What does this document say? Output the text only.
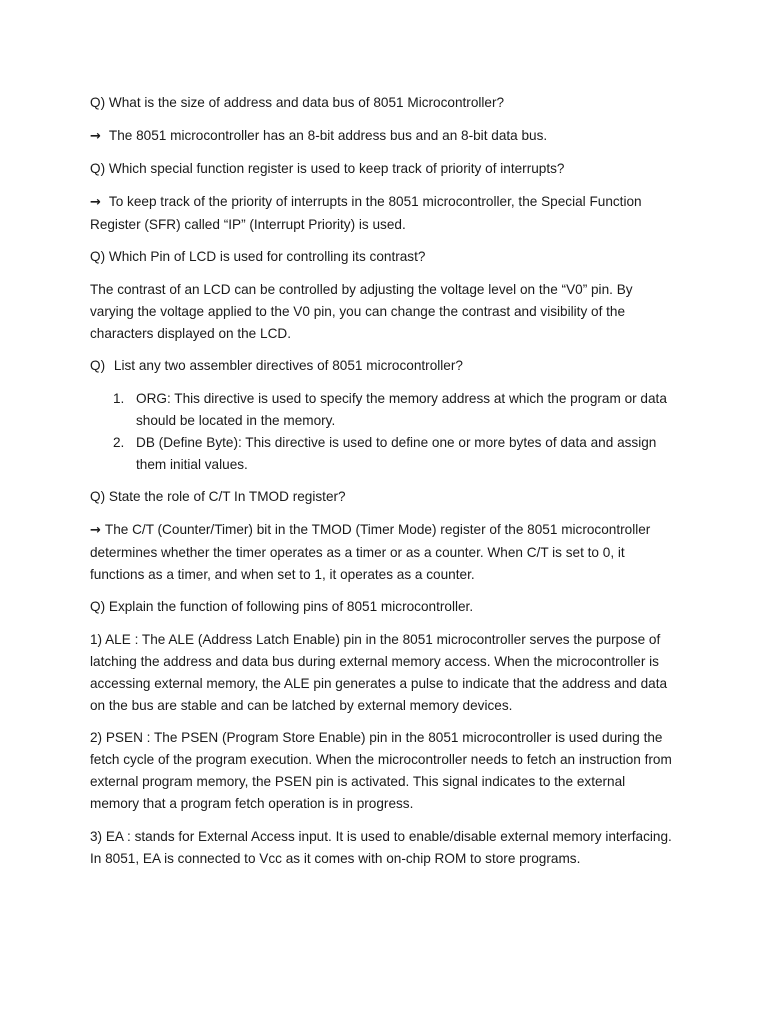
Q) What is the size of address and data bus of 8051 Microcontroller?

→ The 8051 microcontroller has an 8-bit address bus and an 8-bit data bus.

Q) Which special function register is used to keep track of priority of interrupts?

→ To keep track of the priority of interrupts in the 8051 microcontroller, the Special Function Register (SFR) called “IP” (Interrupt Priority) is used.

Q) Which Pin of LCD is used for controlling its contrast?

The contrast of an LCD can be controlled by adjusting the voltage level on the “V0” pin. By varying the voltage applied to the V0 pin, you can change the contrast and visibility of the characters displayed on the LCD.

Q) List any two assembler directives of 8051 microcontroller?

1. ORG: This directive is used to specify the memory address at which the program or data should be located in the memory.
2. DB (Define Byte): This directive is used to define one or more bytes of data and assign them initial values.

Q) State the role of C/T In TMOD register?

→ The C/T (Counter/Timer) bit in the TMOD (Timer Mode) register of the 8051 microcontroller determines whether the timer operates as a timer or as a counter. When C/T is set to 0, it functions as a timer, and when set to 1, it operates as a counter.

Q) Explain the function of following pins of 8051 microcontroller.

1) ALE : The ALE (Address Latch Enable) pin in the 8051 microcontroller serves the purpose of latching the address and data bus during external memory access. When the microcontroller is accessing external memory, the ALE pin generates a pulse to indicate that the address and data on the bus are stable and can be latched by external memory devices.

2) PSEN : The PSEN (Program Store Enable) pin in the 8051 microcontroller is used during the fetch cycle of the program execution. When the microcontroller needs to fetch an instruction from external program memory, the PSEN pin is activated. This signal indicates to the external memory that a program fetch operation is in progress.

3) EA : stands for External Access input. It is used to enable/disable external memory interfacing. In 8051, EA is connected to Vcc as it comes with on-chip ROM to store programs.
